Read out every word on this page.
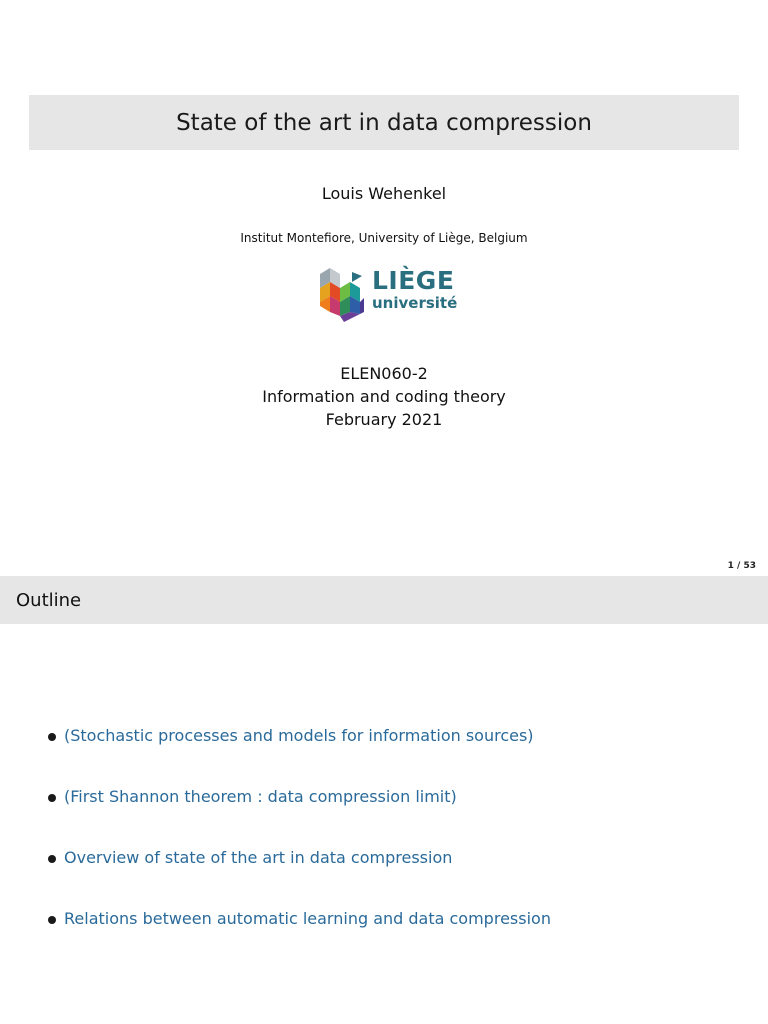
State of the art in data compression
Louis Wehenkel
Institut Montefiore, University of Liège, Belgium
LIÈGE
université
ELEN060-2
Information and coding theory
February 2021
1 / 53
Outline
(Stochastic processes and models for information sources)
(First Shannon theorem : data compression limit)
Overview of state of the art in data compression
Relations between automatic learning and data compression
